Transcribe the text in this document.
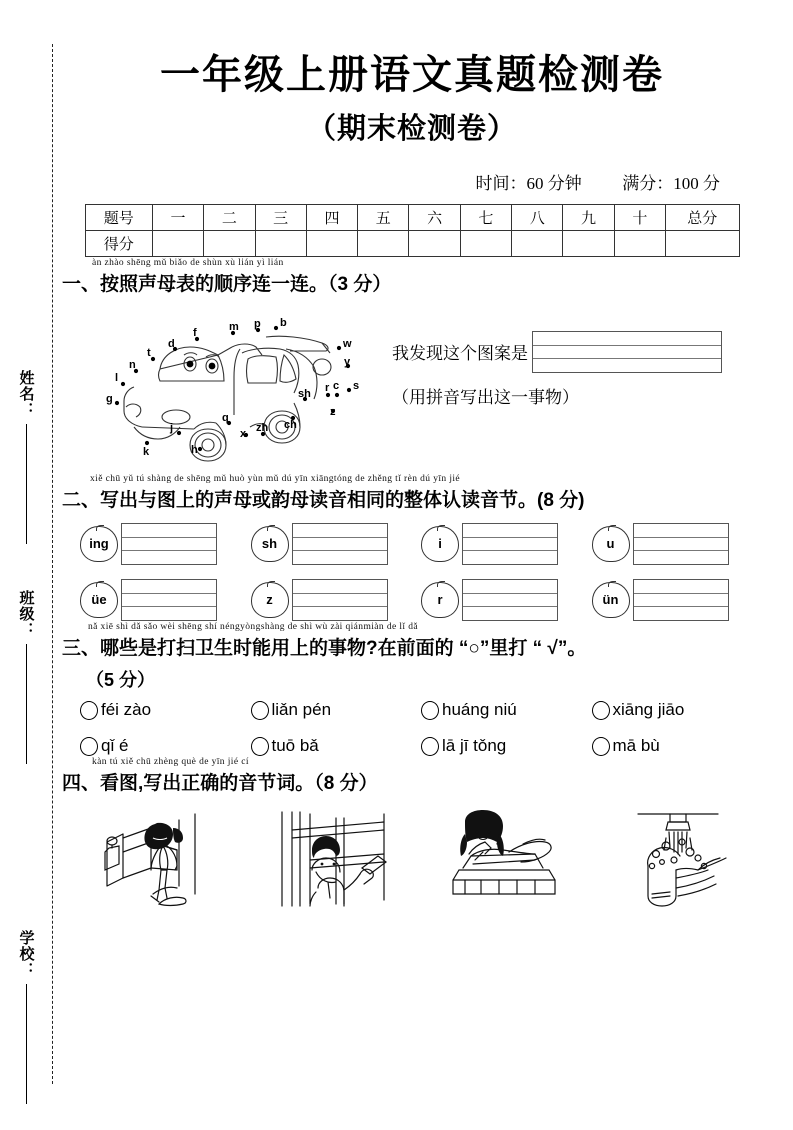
姓名：
班级：
学校：
一年级上册语文真题检测卷
（期末检测卷）
时间：60 分钟 满分：100 分
题号	一	二	三	四	五	六	七	八	九	十	总分
得分											
àn zhào shēng mǔ biǎo de shùn xù lián yì lián
一、按照声母表的顺序连一连。（3 分）
b
p
m
f
d
t
n
l
g
k	h
j
q
x zh ch
sh r c s
z
y
w
我发现这个图案是
（用拼音写出这一事物）
xiě chū yǔ tú shàng de shēng mǔ huò yùn mǔ dú yīn xiāngtóng de zhěng tǐ rèn dú yīn jié
二、写出与图上的声母或韵母读音相同的整体认读音节。(8 分)
ing	sh	i	u
üe	z	r	ün
nǎ xiē shì dǎ sǎo wèi shēng shí néngyòngshàng de shì wù zài qiánmiàn de lǐ dǎ
三、哪些是打扫卫生时能用上的事物?在前面的 “○”里打 “ √”。
（5 分）
féi zào	liǎn pén	huáng niú	xiāng jiāo
qǐ é	tuō bǎ	lā jī tǒng	mā bù
kàn tú xiě chū zhèng què de yīn jié cí
四、看图,写出正确的音节词。（8 分）
